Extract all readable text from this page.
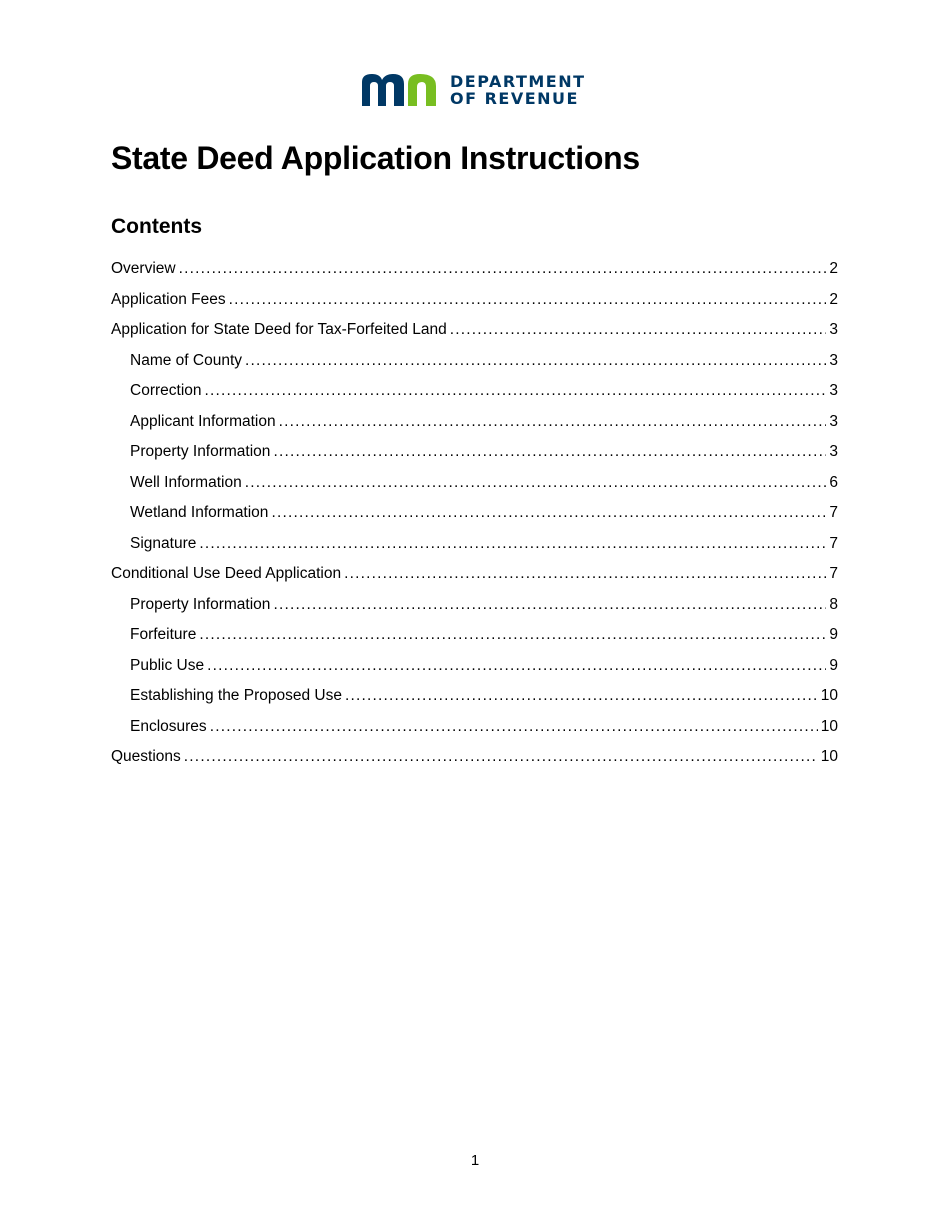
DEPARTMENT
OF REVENUE
State Deed Application Instructions
Contents
Overview .....	2
Application Fees .....	2
Application for State Deed for Tax-Forfeited Land .....	3
Name of County .....	3
Correction .....	3
Applicant Information .....	3
Property Information .....	3
Well Information .....	6
Wetland Information .....	7
Signature .....	7
Conditional Use Deed Application .....	7
Property Information .....	8
Forfeiture .....	9
Public Use .....	9
Establishing the Proposed Use .....	10
Enclosures .....	10
Questions .....	10
1
